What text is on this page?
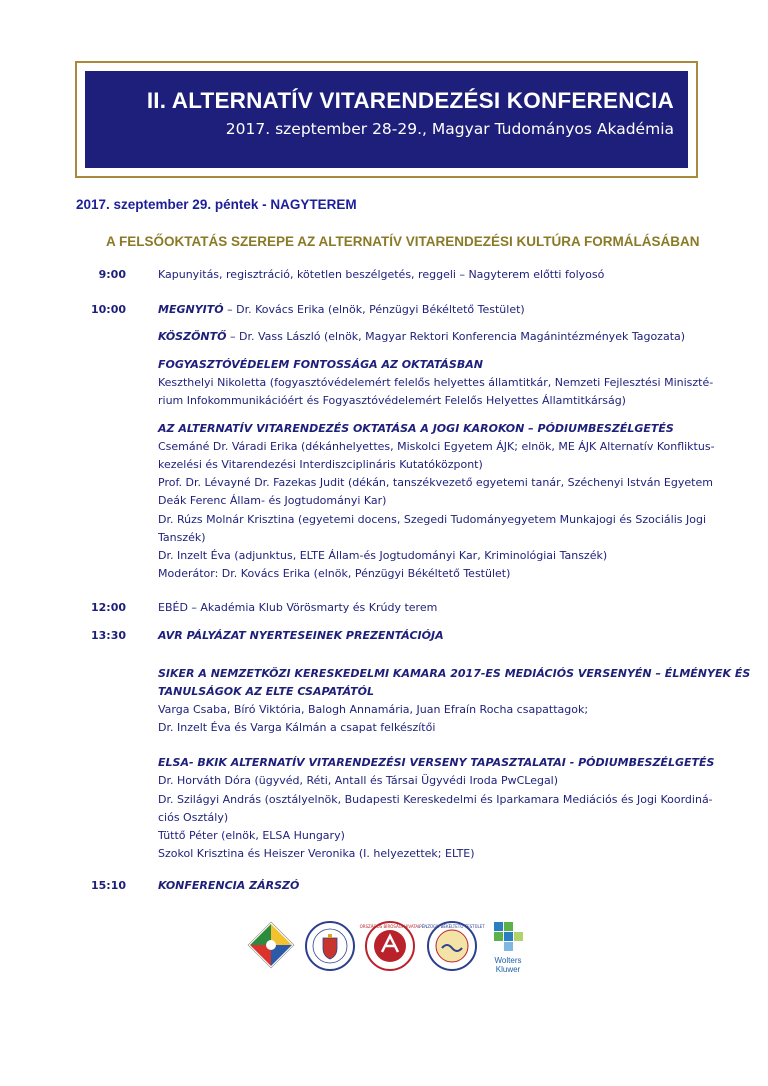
II. ALTERNATÍV VITARENDEZÉSI KONFERENCIA
2017. szeptember 28-29., Magyar Tudományos Akadémia
2017. szeptember 29. péntek - NAGYTEREM
A FELSŐOKTATÁS SZEREPE AZ ALTERNATÍV VITARENDEZÉSI KULTÚRA FORMÁLÁSÁBAN
9:00	Kapunyitás, regisztráció, kötetlen beszélgetés, reggeli – Nagyterem előtti folyosó
10:00	MEGNYITÓ – Dr. Kovács Erika (elnök, Pénzügyi Békéltető Testület)
KÖSZÖNTŐ – Dr. Vass László (elnök, Magyar Rektori Konferencia Magánintézmények Tagozata)
FOGYASZTÓVÉDELEM FONTOSSÁGA AZ OKTATÁSBAN
Keszthelyi Nikoletta (fogyasztóvédelemért felelős helyettes államtitkár, Nemzeti Fejlesztési Miniszté-
rium Infokommunikációért és Fogyasztóvédelemért Felelős Helyettes Államtitkárság)
AZ ALTERNATÍV VITARENDEZÉS OKTATÁSA A JOGI KAROKON – PÓDIUMBESZÉLGETÉS
Csemáné Dr. Váradi Erika (dékánhelyettes, Miskolci Egyetem ÁJK; elnök, ME ÁJK Alternatív Konfliktus-
kezelési és Vitarendezési Interdiszciplináris Kutatóközpont)
Prof. Dr. Lévayné Dr. Fazekas Judit (dékán, tanszékvezető egyetemi tanár, Széchenyi István Egyetem
Deák Ferenc Állam- és Jogtudományi Kar)
Dr. Rúzs Molnár Krisztina (egyetemi docens, Szegedi Tudományegyetem Munkajogi és Szociális Jogi
Tanszék)
Dr. Inzelt Éva (adjunktus, ELTE Állam-és Jogtudományi Kar, Kriminológiai Tanszék)
Moderátor: Dr. Kovács Erika (elnök, Pénzügyi Békéltető Testület)
12:00	EBÉD – Akadémia Klub Vörösmarty és Krúdy terem
13:30	AVR PÁLYÁZAT NYERTESEINEK PREZENTÁCIÓJA
SIKER A NEMZETKÖZI KERESKEDELMI KAMARA 2017-ES MEDIÁCIÓS VERSENYÉN – ÉLMÉNYEK ÉS
TANULSÁGOK AZ ELTE CSAPATÁTÓL
Varga Csaba, Bíró Viktória, Balogh Annamária, Juan Efraín Rocha csapattagok;
Dr. Inzelt Éva és Varga Kálmán a csapat felkészítői
ELSA- BKIK ALTERNATÍV VITARENDEZÉSI VERSENY TAPASZTALATAI - PÓDIUMBESZÉLGETÉS
Dr. Horváth Dóra (ügyvéd, Réti, Antall és Társai Ügyvédi Iroda PwCLegal)
Dr. Szilágyi András (osztályelnök, Budapesti Kereskedelmi és Iparkamara Mediációs és Jogi Koordiná-
ciós Osztály)
Tüttő Péter (elnök, ELSA Hungary)
Szokol Krisztina és Heiszer Veronika (I. helyezettek; ELTE)
15:10	KONFERENCIA ZÁRSZÓ
ORSZÁGOS BÍRÓSÁGI HIVATAL
PÉNZÜGYI BÉKÉLTETŐ TESTÜLET
Wolters
Kluwer
